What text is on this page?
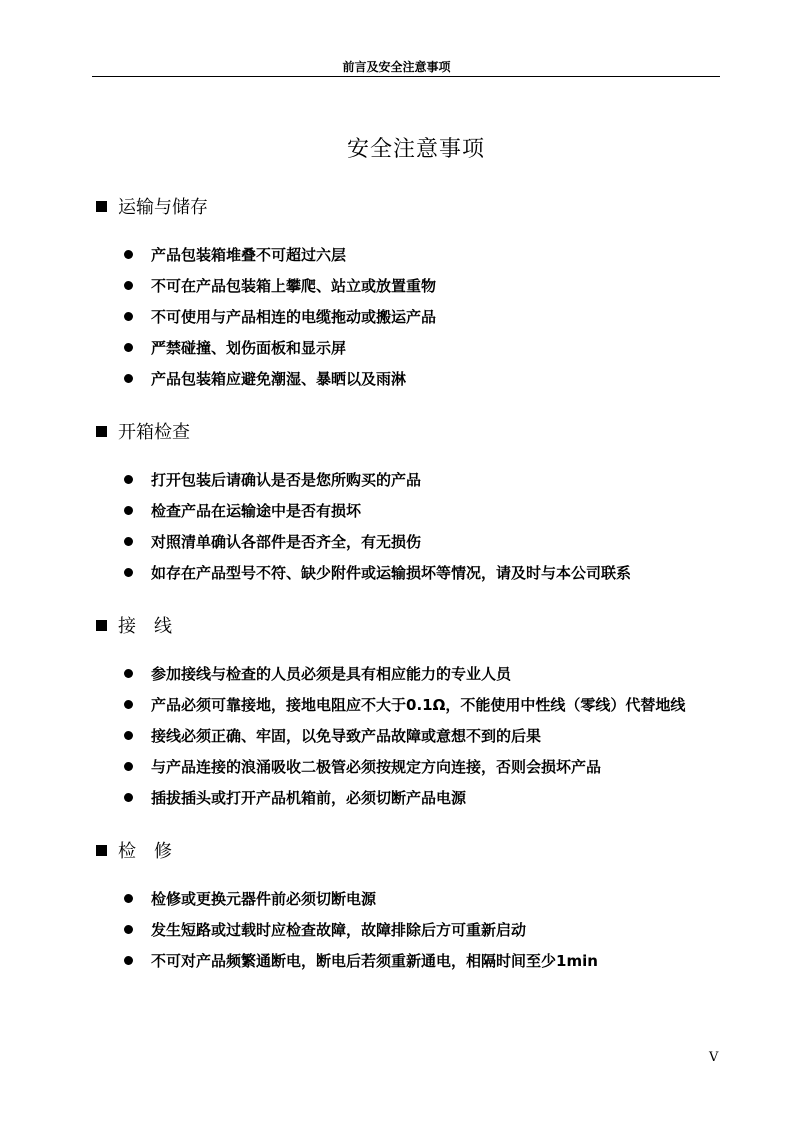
前言及安全注意事项
安全注意事项
运输与储存
产品包装箱堆叠不可超过六层
不可在产品包装箱上攀爬、站立或放置重物
不可使用与产品相连的电缆拖动或搬运产品
严禁碰撞、划伤面板和显示屏
产品包装箱应避免潮湿、暴晒以及雨淋
开箱检查
打开包装后请确认是否是您所购买的产品
检查产品在运输途中是否有损坏
对照清单确认各部件是否齐全，有无损伤
如存在产品型号不符、缺少附件或运输损坏等情况，请及时与本公司联系
接　线
参加接线与检查的人员必须是具有相应能力的专业人员
产品必须可靠接地，接地电阻应不大于0.1Ω，不能使用中性线（零线）代替地线
接线必须正确、牢固，以免导致产品故障或意想不到的后果
与产品连接的浪涌吸收二极管必须按规定方向连接，否则会损坏产品
插拔插头或打开产品机箱前，必须切断产品电源
检　修
检修或更换元器件前必须切断电源
发生短路或过载时应检查故障，故障排除后方可重新启动
不可对产品频繁通断电，断电后若须重新通电，相隔时间至少1min
V
